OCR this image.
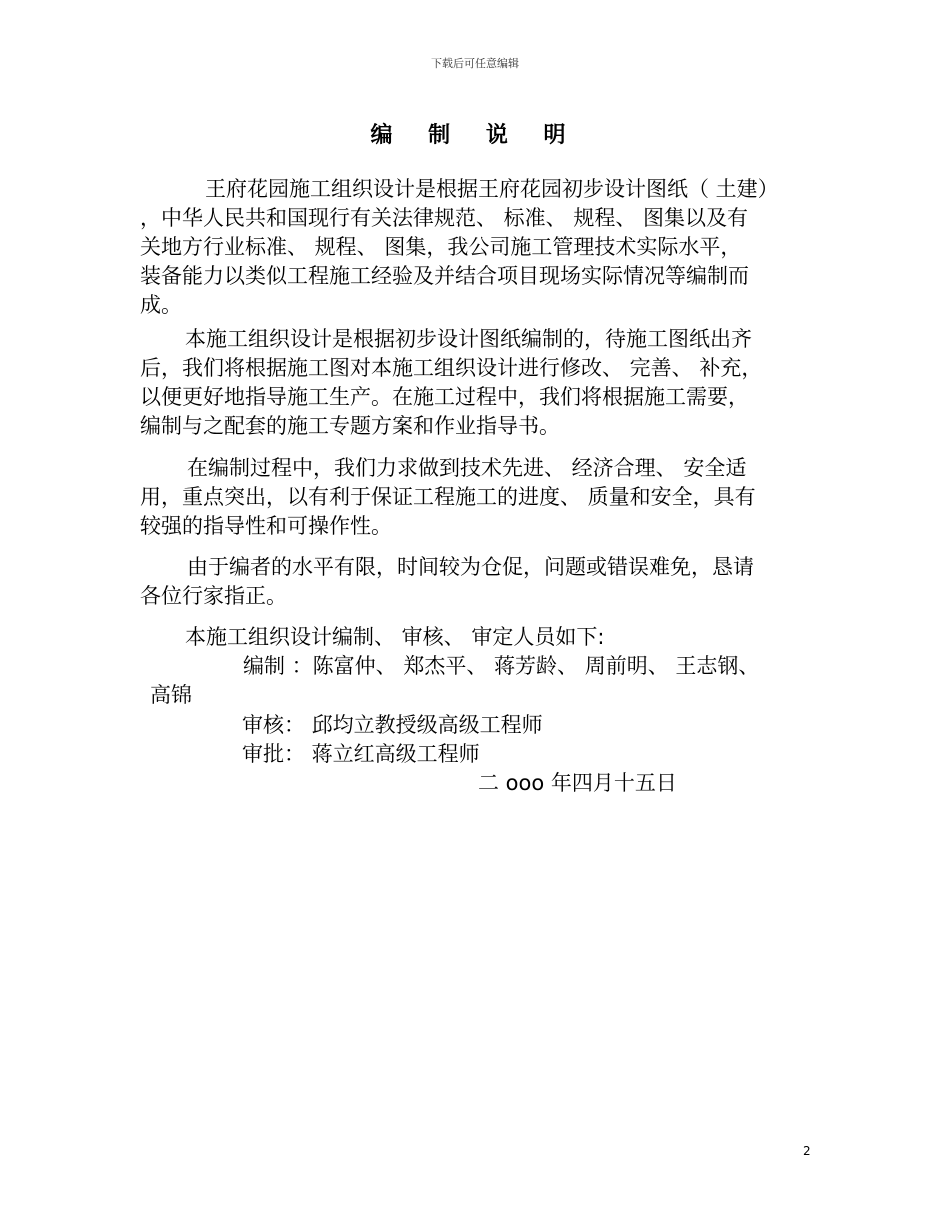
下载后可任意编辑
编 制 说 明
王府花园施工组织设计是根据王府花园初步设计图纸（ 土建）
，中华人民共和国现行有关法律规范、 标准、 规程、 图集以及有
关地方行业标准、 规程、 图集，我公司施工管理技术实际水平，
装备能力以类似工程施工经验及并结合项目现场实际情况等编制而
成。
本施工组织设计是根据初步设计图纸编制的，待施工图纸出齐
后，我们将根据施工图对本施工组织设计进行修改、 完善、 补充，
以便更好地指导施工生产。在施工过程中，我们将根据施工需要，
编制与之配套的施工专题方案和作业指导书。
在编制过程中，我们力求做到技术先进、 经济合理、 安全适
用，重点突出，以有利于保证工程施工的进度、 质量和安全，具有
较强的指导性和可操作性。
由于编者的水平有限，时间较为仓促，问题或错误难免，恳请
各位行家指正。
本施工组织设计编制、 审核、 审定人员如下:
编制 ：陈富仲、 郑杰平、 蒋芳龄、 周前明、 王志钢、
高锦
审核： 邱均立教授级高级工程师
审批： 蒋立红高级工程师
二 ooo 年四月十五日
2
